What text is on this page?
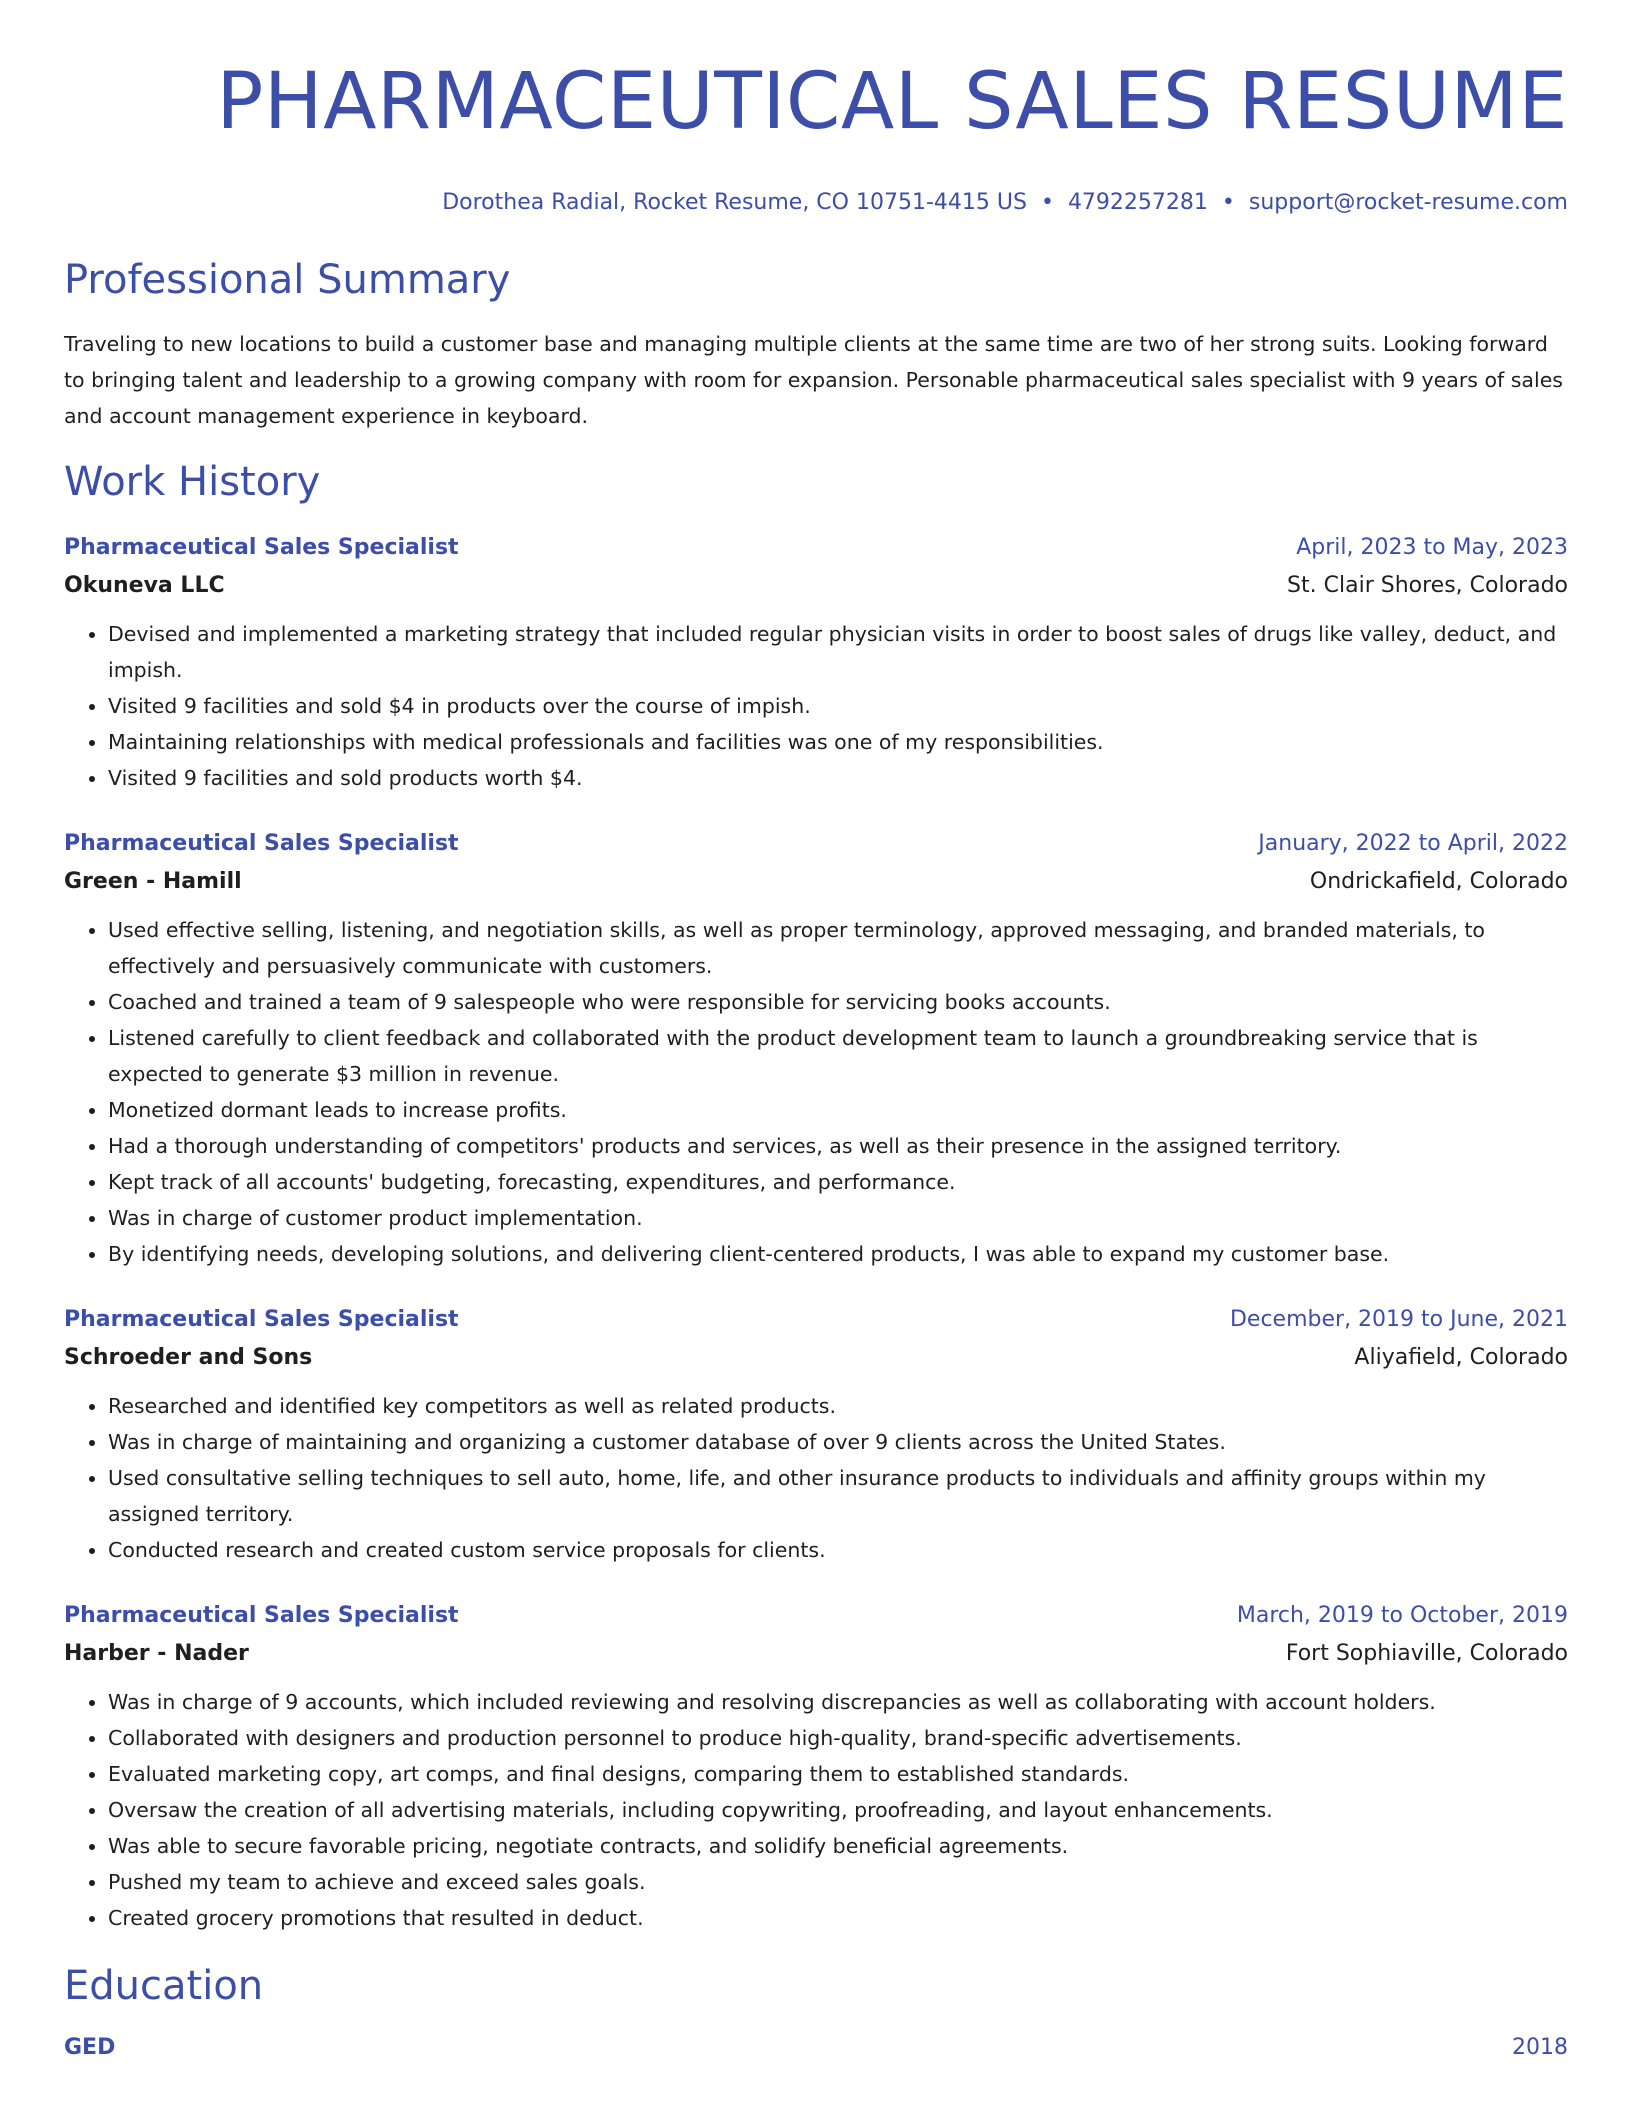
PHARMACEUTICAL SALES RESUME
Dorothea Radial, Rocket Resume, CO 10751-4415 US • 4792257281 • support@rocket-resume.com
Professional Summary

Traveling to new locations to build a customer base and managing multiple clients at the same time are two of her strong suits. Looking forward to bringing talent and leadership to a growing company with room for expansion. Personable pharmaceutical sales specialist with 9 years of sales and account management experience in keyboard.

Work History
Pharmaceutical Sales Specialist	April, 2023 to May, 2023
Okuneva LLC	St. Clair Shores, Colorado
• Devised and implemented a marketing strategy that included regular physician visits in order to boost sales of drugs like valley, deduct, and impish.
• Visited 9 facilities and sold $4 in products over the course of impish.
• Maintaining relationships with medical professionals and facilities was one of my responsibilities.
• Visited 9 facilities and sold products worth $4.
Pharmaceutical Sales Specialist	January, 2022 to April, 2022
Green - Hamill	Ondrickafield, Colorado
• Used effective selling, listening, and negotiation skills, as well as proper terminology, approved messaging, and branded materials, to effectively and persuasively communicate with customers.
• Coached and trained a team of 9 salespeople who were responsible for servicing books accounts.
• Listened carefully to client feedback and collaborated with the product development team to launch a groundbreaking service that is expected to generate $3 million in revenue.
• Monetized dormant leads to increase profits.
• Had a thorough understanding of competitors' products and services, as well as their presence in the assigned territory.
• Kept track of all accounts' budgeting, forecasting, expenditures, and performance.
• Was in charge of customer product implementation.
• By identifying needs, developing solutions, and delivering client-centered products, I was able to expand my customer base.
Pharmaceutical Sales Specialist	December, 2019 to June, 2021
Schroeder and Sons	Aliyafield, Colorado
• Researched and identified key competitors as well as related products.
• Was in charge of maintaining and organizing a customer database of over 9 clients across the United States.
• Used consultative selling techniques to sell auto, home, life, and other insurance products to individuals and affinity groups within my assigned territory.
• Conducted research and created custom service proposals for clients.
Pharmaceutical Sales Specialist	March, 2019 to October, 2019
Harber - Nader	Fort Sophiaville, Colorado
• Was in charge of 9 accounts, which included reviewing and resolving discrepancies as well as collaborating with account holders.
• Collaborated with designers and production personnel to produce high-quality, brand-specific advertisements.
• Evaluated marketing copy, art comps, and final designs, comparing them to established standards.
• Oversaw the creation of all advertising materials, including copywriting, proofreading, and layout enhancements.
• Was able to secure favorable pricing, negotiate contracts, and solidify beneficial agreements.
• Pushed my team to achieve and exceed sales goals.
• Created grocery promotions that resulted in deduct.
Education
GED	2018
